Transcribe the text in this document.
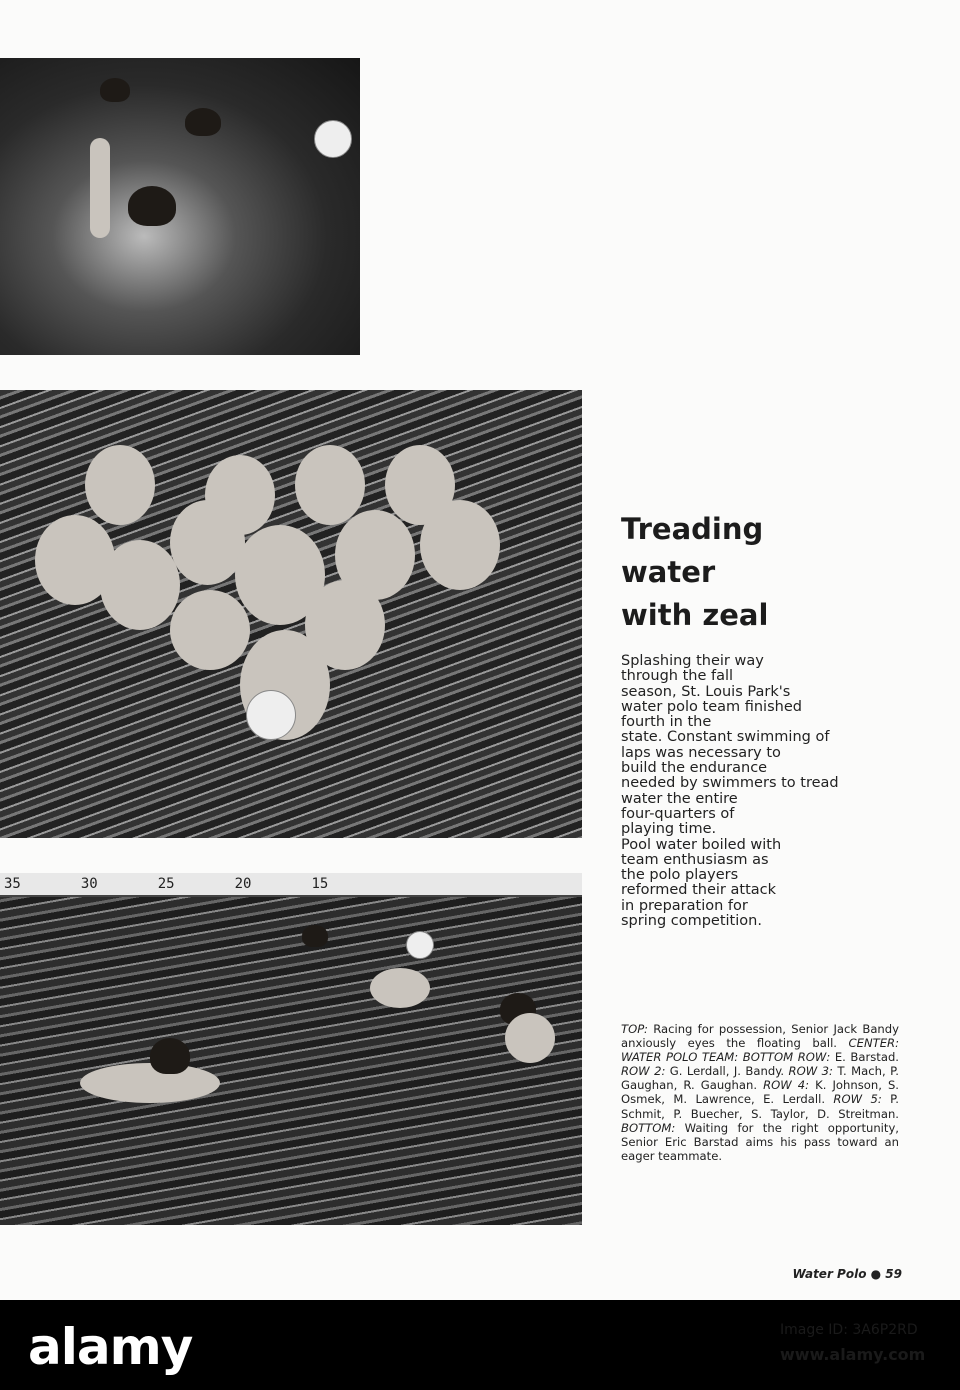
35	30	25	20	15
Treading
water
with zeal
Splashing their way
through the fall
season, St. Louis Park's
water polo team finished
fourth in the
state. Constant swimming of
laps was necessary to
build the endurance
needed by swimmers to tread
water the entire
four-quarters of
playing time.
Pool water boiled with
team enthusiasm as
the polo players
reformed their attack
in preparation for
spring competition.
TOP: Racing for possession, Senior Jack Bandy anxiously eyes the floating ball. CENTER: WATER POLO TEAM: BOTTOM ROW: E. Barstad. ROW 2: G. Lerdall, J. Bandy. ROW 3: T. Mach, P. Gaughan, R. Gaughan. ROW 4: K. Johnson, S. Osmek, M. Lawrence, E. Lerdall. ROW 5: P. Schmit, P. Buecher, S. Taylor, D. Streitman. BOTTOM: Waiting for the right opportunity, Senior Eric Barstad aims his pass toward an eager teammate.
Water Polo ● 59
alamy	Image ID: 3A6P2RD
www.alamy.com
